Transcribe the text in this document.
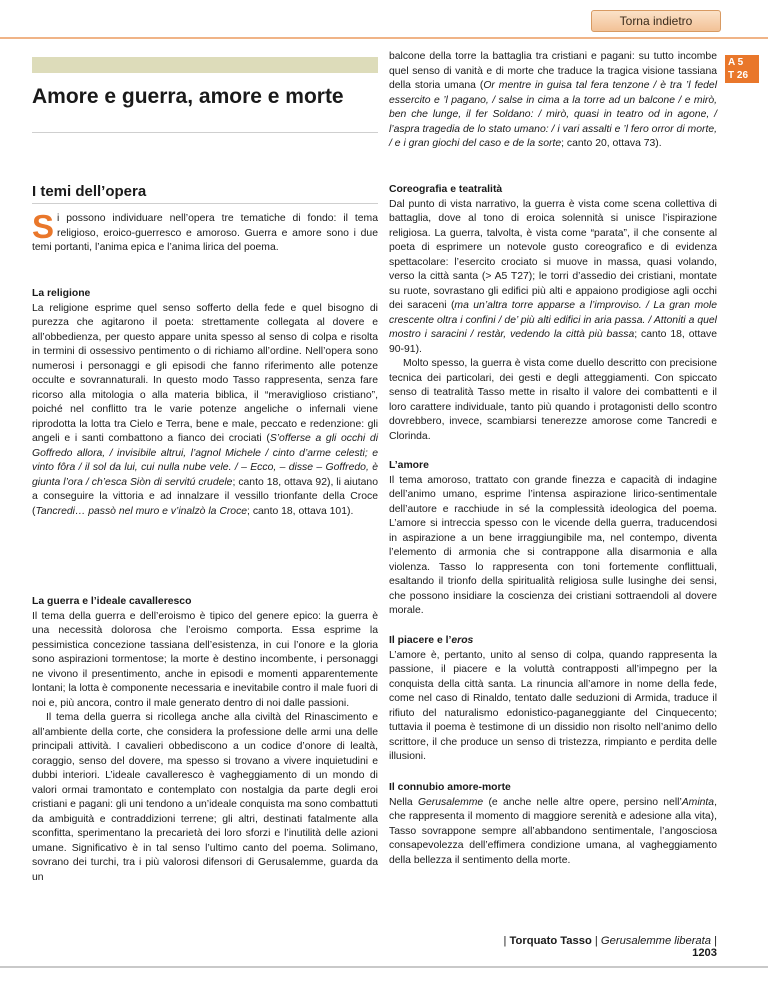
Torna indietro
A 5
T 26
Amore e guerra, amore e morte
I temi dell’opera

Si possono individuare nell’opera tre tematiche di fondo: il tema religioso, eroico-guerresco e amoroso. Guerra e amore sono i due temi portanti, l’anima epica e l’anima lirica del poema.

La religione

La religione esprime quel senso sofferto della fede e quel bisogno di purezza che agitarono il poeta: strettamente collegata al dovere e all’obbedienza, per questo appare unita spesso al senso di colpa e risolta in termini di ossessivo pentimento o di richiamo all’ordine. Nell’opera sono numerosi i personaggi e gli episodi che fanno riferimento alle potenze occulte e sovrannaturali. In questo modo Tasso rappresenta, senza fare ricorso alla mitologia o alla materia biblica, il “meraviglioso cristiano”, poiché nel conflitto tra le varie potenze angeliche o infernali viene riprodotta la lotta tra Cielo e Terra, bene e male, peccato e redenzione: gli angeli e i santi combattono a fianco dei crociati (S’offerse a gli occhi di Goffredo allora, / invisibile altrui, l’agnol Michele / cinto d’arme celesti; e vinto fôra / il sol da lui, cui nulla nube vele. / – Ecco, – disse – Goffredo, è giunta l’ora / ch’esca Siòn di servitú crudele; canto 18, ottava 92), li aiutano a conseguire la vittoria e ad innalzare il vessillo trionfante della Croce (Tancredi… passò nel muro e v’inalzò la Croce; canto 18, ottava 101).

La guerra e l’ideale cavalleresco

Il tema della guerra e dell’eroismo è tipico del genere epico: la guerra è una necessità dolorosa che l’eroismo comporta. Essa esprime la pessimistica concezione tassiana dell’esistenza, in cui l’onore e la gloria sono aspirazioni tormentose; la morte è destino incombente, i personaggi ne vivono il presentimento, anche in episodi e momenti apparentemente lontani; la lotta è componente necessaria e inevitabile contro il male fuori di noi e, più ancora, contro il male generato dentro di noi dalle passioni.

Il tema della guerra si ricollega anche alla civiltà del Rinascimento e all’ambiente della corte, che considera la professione delle armi una delle principali attività. I cavalieri obbediscono a un codice d’onore di lealtà, coraggio, senso del dovere, ma spesso si trovano a vivere inquietudini e dubbi interiori. L’ideale cavalleresco è vagheggiamento di un mondo di valori ormai tramontato e contemplato con nostalgia da parte degli eroi cristiani e pagani: gli uni tendono a un’ideale conquista ma sono combattuti da ambiguità e contraddizioni terrene; gli altri, destinati fatalmente alla sconfitta, sperimentano la precarietà dei loro sforzi e l’inutilità delle azioni umane. Significativo è in tal senso l’ultimo canto del poema. Solimano, sovrano dei turchi, tra i più valorosi difensori di Gerusalemme, guarda da un

balcone della torre la battaglia tra cristiani e pagani: su tutto incombe quel senso di vanità e di morte che traduce la tragica visione tassiana della storia umana (Or mentre in guisa tal fera tenzone / è tra ’l fedel essercito e ’l pagano, / salse in cima a la torre ad un balcone / e mirò, ben che lunge, il fer Soldano: / mirò, quasi in teatro od in agone, / l’aspra tragedia de lo stato umano: / i vari assalti e ’l fero orror di morte, / e i gran giochi del caso e de la sorte; canto 20, ottava 73).

Coreografia e teatralità

Dal punto di vista narrativo, la guerra è vista come scena collettiva di battaglia, dove al tono di eroica solennità si unisce l’ispirazione religiosa. La guerra, talvolta, è vista come “parata”, il che consente al poeta di esprimere un notevole gusto coreografico e di evidenza spettacolare: l’esercito crociato si muove in massa, quasi volando, verso la città santa (> A5 T27); le torri d’assedio dei cristiani, montate su ruote, sovrastano gli edifici più alti e appaiono prodigiose agli occhi dei saraceni (ma un’altra torre apparse a l’improviso. / La gran mole crescente oltra i confini / de’ più alti edifici in aria passa. / Attoniti a quel mostro i saracini / restàr, vedendo la città più bassa; canto 18, ottave 90-91).

Molto spesso, la guerra è vista come duello descritto con precisione tecnica dei particolari, dei gesti e degli atteggiamenti. Con spiccato senso di teatralità Tasso mette in risalto il valore dei combattenti e il loro carattere individuale, tanto più quando i protagonisti dello scontro dovrebbero, invece, scambiarsi tenerezze amorose come Tancredi e Clorinda.

L’amore

Il tema amoroso, trattato con grande finezza e capacità di indagine dell’animo umano, esprime l’intensa aspirazione lirico-sentimentale dell’autore e racchiude in sé la complessità ideologica del poema. L’amore si intreccia spesso con le vicende della guerra, traducendosi in aspirazione a un bene irraggiungibile ma, nel contempo, diventa l’elemento di armonia che si contrappone alla disarmonia e alla violenza. Tasso lo rappresenta con toni fortemente conflittuali, esaltando il trionfo della spiritualità religiosa sulle lusinghe dei sensi, che possono insidiare la coscienza dei cristiani sottraendoli al dovere morale.

Il piacere e l’eros

L’amore è, pertanto, unito al senso di colpa, quando rappresenta la passione, il piacere e la voluttà contrapposti all’impegno per la conquista della città santa. La rinuncia all’amore in nome della fede, come nel caso di Rinaldo, tentato dalle seduzioni di Armida, traduce il rifiuto del naturalismo edonistico-paganeggiante del Cinquecento; tuttavia il poema è testimone di un dissidio non risolto nell’animo dello scrittore, il che produce un senso di tristezza, rimpianto e perdita delle illusioni.

Il connubio amore-morte

Nella Gerusalemme (e anche nelle altre opere, persino nell’Aminta, che rappresenta il momento di maggiore serenità e adesione alla vita), Tasso sovrappone sempre all’abbandono sentimentale, l’angosciosa consapevolezza dell’effimera condizione umana, al vagheggiamento della bellezza il sentimento della morte.

| Torquato Tasso | Gerusalemme liberata | 1203
